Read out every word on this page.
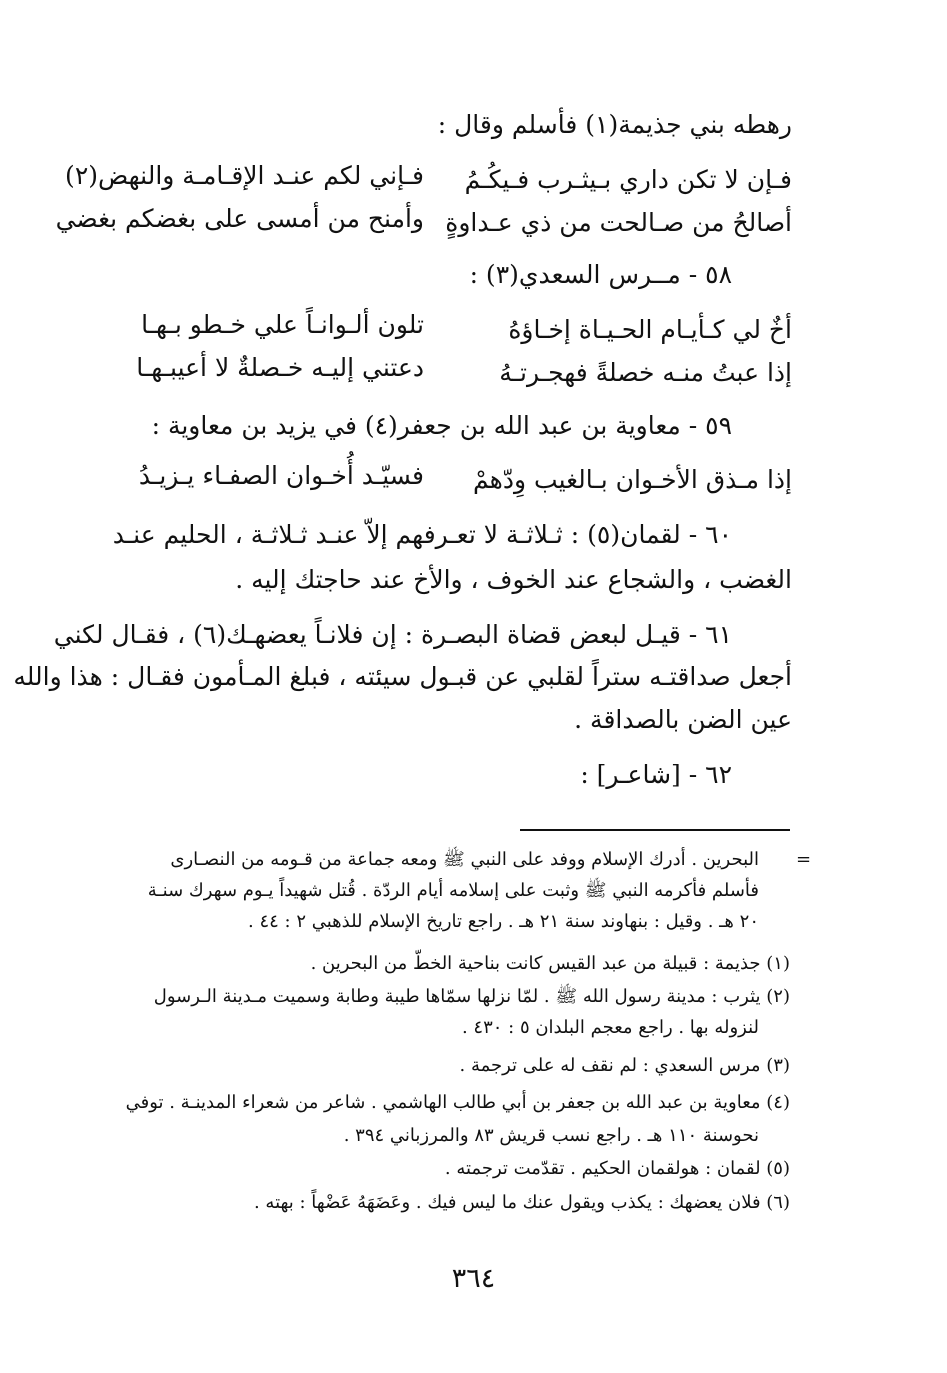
رهطه بني جذيمة(١) فأسلم وقال :
فـإن لا تكن داري بـيثـرب فـيكُـمُ
فـإني لكم عنـد الإقـامـة والنهض(٢)
أصالحُ من صـالحت من ذي عـداوةٍ
وأمنح من أمسى على بغضكم بغضي
٥٨ - مــرس السعدي(٣) :
أخٌ لي كـأيـام الحـيـاة إخـاؤهُ
تلون ألـوانـاً علي خـطو بـهـا
إذا عبتُ منـه خصلةً فهجـرتـهُ
دعتني إليـه خـصلةٌ لا أعيبـهـا
٥٩ - معاوية بن عبد الله بن جعفر(٤) في يزيد بن معاوية :
إذا مـذق الأخـوان بـالغيب وِدّهمْ
فسيّـد أُخـوان الصفـاء يـزيـدُ
٦٠ - لقمان(٥) : ثـلاثـة لا تعـرفهم إلاّ عنـد ثـلاثـة ، الحليم عنـد
الغضب ، والشجاع عند الخوف ، والأخ عند حاجتك إليه .
٦١ - قيـل لبعض قضاة البصـرة : إن فلانـاً يعضهـك(٦) ، فقـال لكني
أجعل صداقتـه ستراً لقلبي عن قبـول سيئته ، فبلغ المـأمون فقـال : هذا والله
عين الضن بالصداقة .
٦٢ - [شاعـر] :
=
البحرين . أدرك الإسلام ووفد على النبي ﷺ ومعه جماعة من قـومه من النصـارى
فأسلم فأكرمه النبي ﷺ وثبت على إسلامه أيام الردّة . قُتل شهيداً يـوم سهرك سنـة
٢٠ هـ . وقيل : بنهاوند سنة ٢١ هـ . راجع تاريخ الإسلام للذهبي ٢ : ٤٤ .
(١) جذيمة : قبيلة من عبد القيس كانت بناحية الخطّ من البحرين .
(٢) يثرب : مدينة رسول الله ﷺ . لمّا نزلها سمّاها طيبة وطابة وسميت مـدينة الـرسول
لنزوله بها . راجع معجم البلدان ٥ : ٤٣٠ .
(٣) مرس السعدي : لم نقف له على ترجمة .
(٤) معاوية بن عبد الله بن جعفر بن أبي طالب الهاشمي . شاعر من شعراء المدينـة . توفي
نحوسنة ١١٠ هـ . راجع نسب قريش ٨٣ والمرزباني ٣٩٤ .
(٥) لقمان : هولقمان الحكيم . تقدّمت ترجمته .
(٦) فلان يعضهك : يكذب ويقول عنك ما ليس فيك . وعَضَهَهُ عَضْهاً : بهته .
٣٦٤
